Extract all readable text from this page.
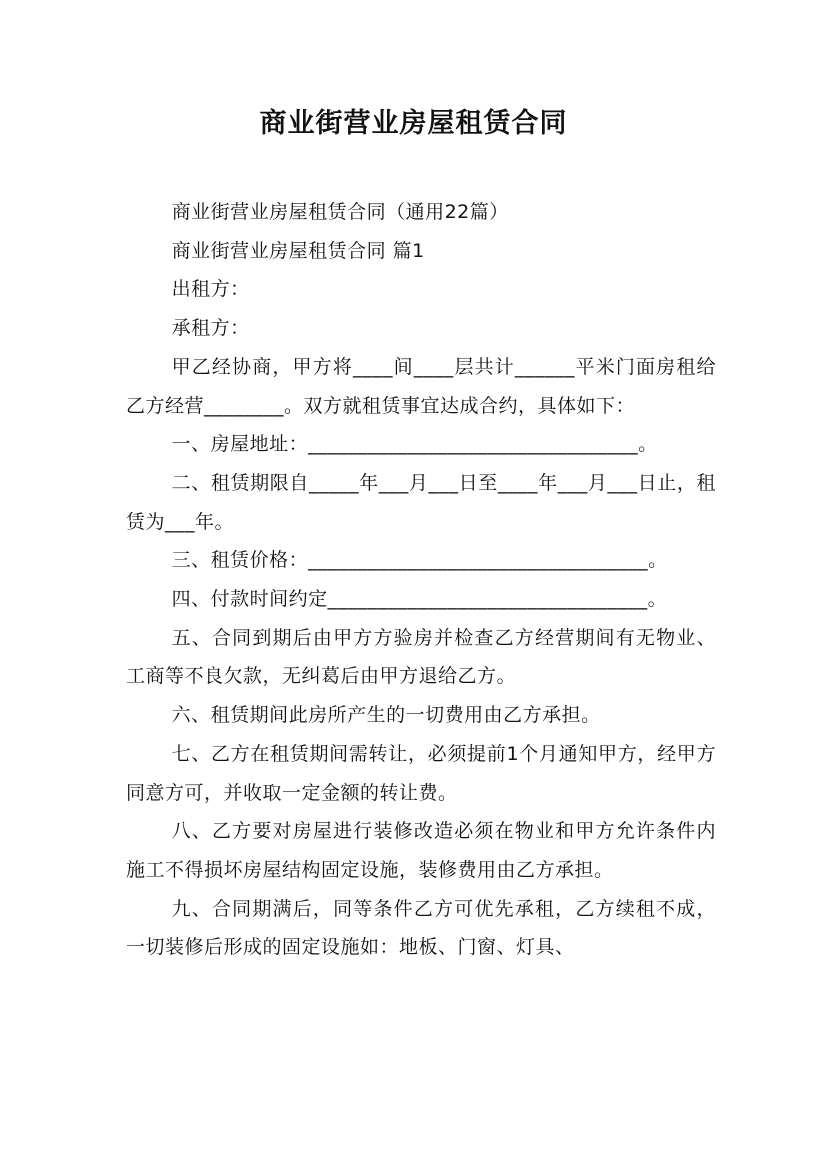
商业街营业房屋租赁合同

商业街营业房屋租赁合同（通用22篇）

商业街营业房屋租赁合同 篇1

出租方：

承租方：

甲乙经协商，甲方将____间____层共计______平米门面房租给乙方经营________。双方就租赁事宜达成合约，具体如下：

一、房屋地址：_________________________________。

二、租赁期限自_____年___月___日至____年___月___日止，租赁为___年。

三、租赁价格：__________________________________。

四、付款时间约定________________________________。

五、合同到期后由甲方方验房并检查乙方经营期间有无物业、工商等不良欠款，无纠葛后由甲方退给乙方。

六、租赁期间此房所产生的一切费用由乙方承担。

七、乙方在租赁期间需转让，必须提前1个月通知甲方，经甲方同意方可，并收取一定金额的转让费。

八、乙方要对房屋进行装修改造必须在物业和甲方允许条件内施工不得损坏房屋结构固定设施，装修费用由乙方承担。

九、合同期满后，同等条件乙方可优先承租，乙方续租不成，一切装修后形成的固定设施如：地板、门窗、灯具、
